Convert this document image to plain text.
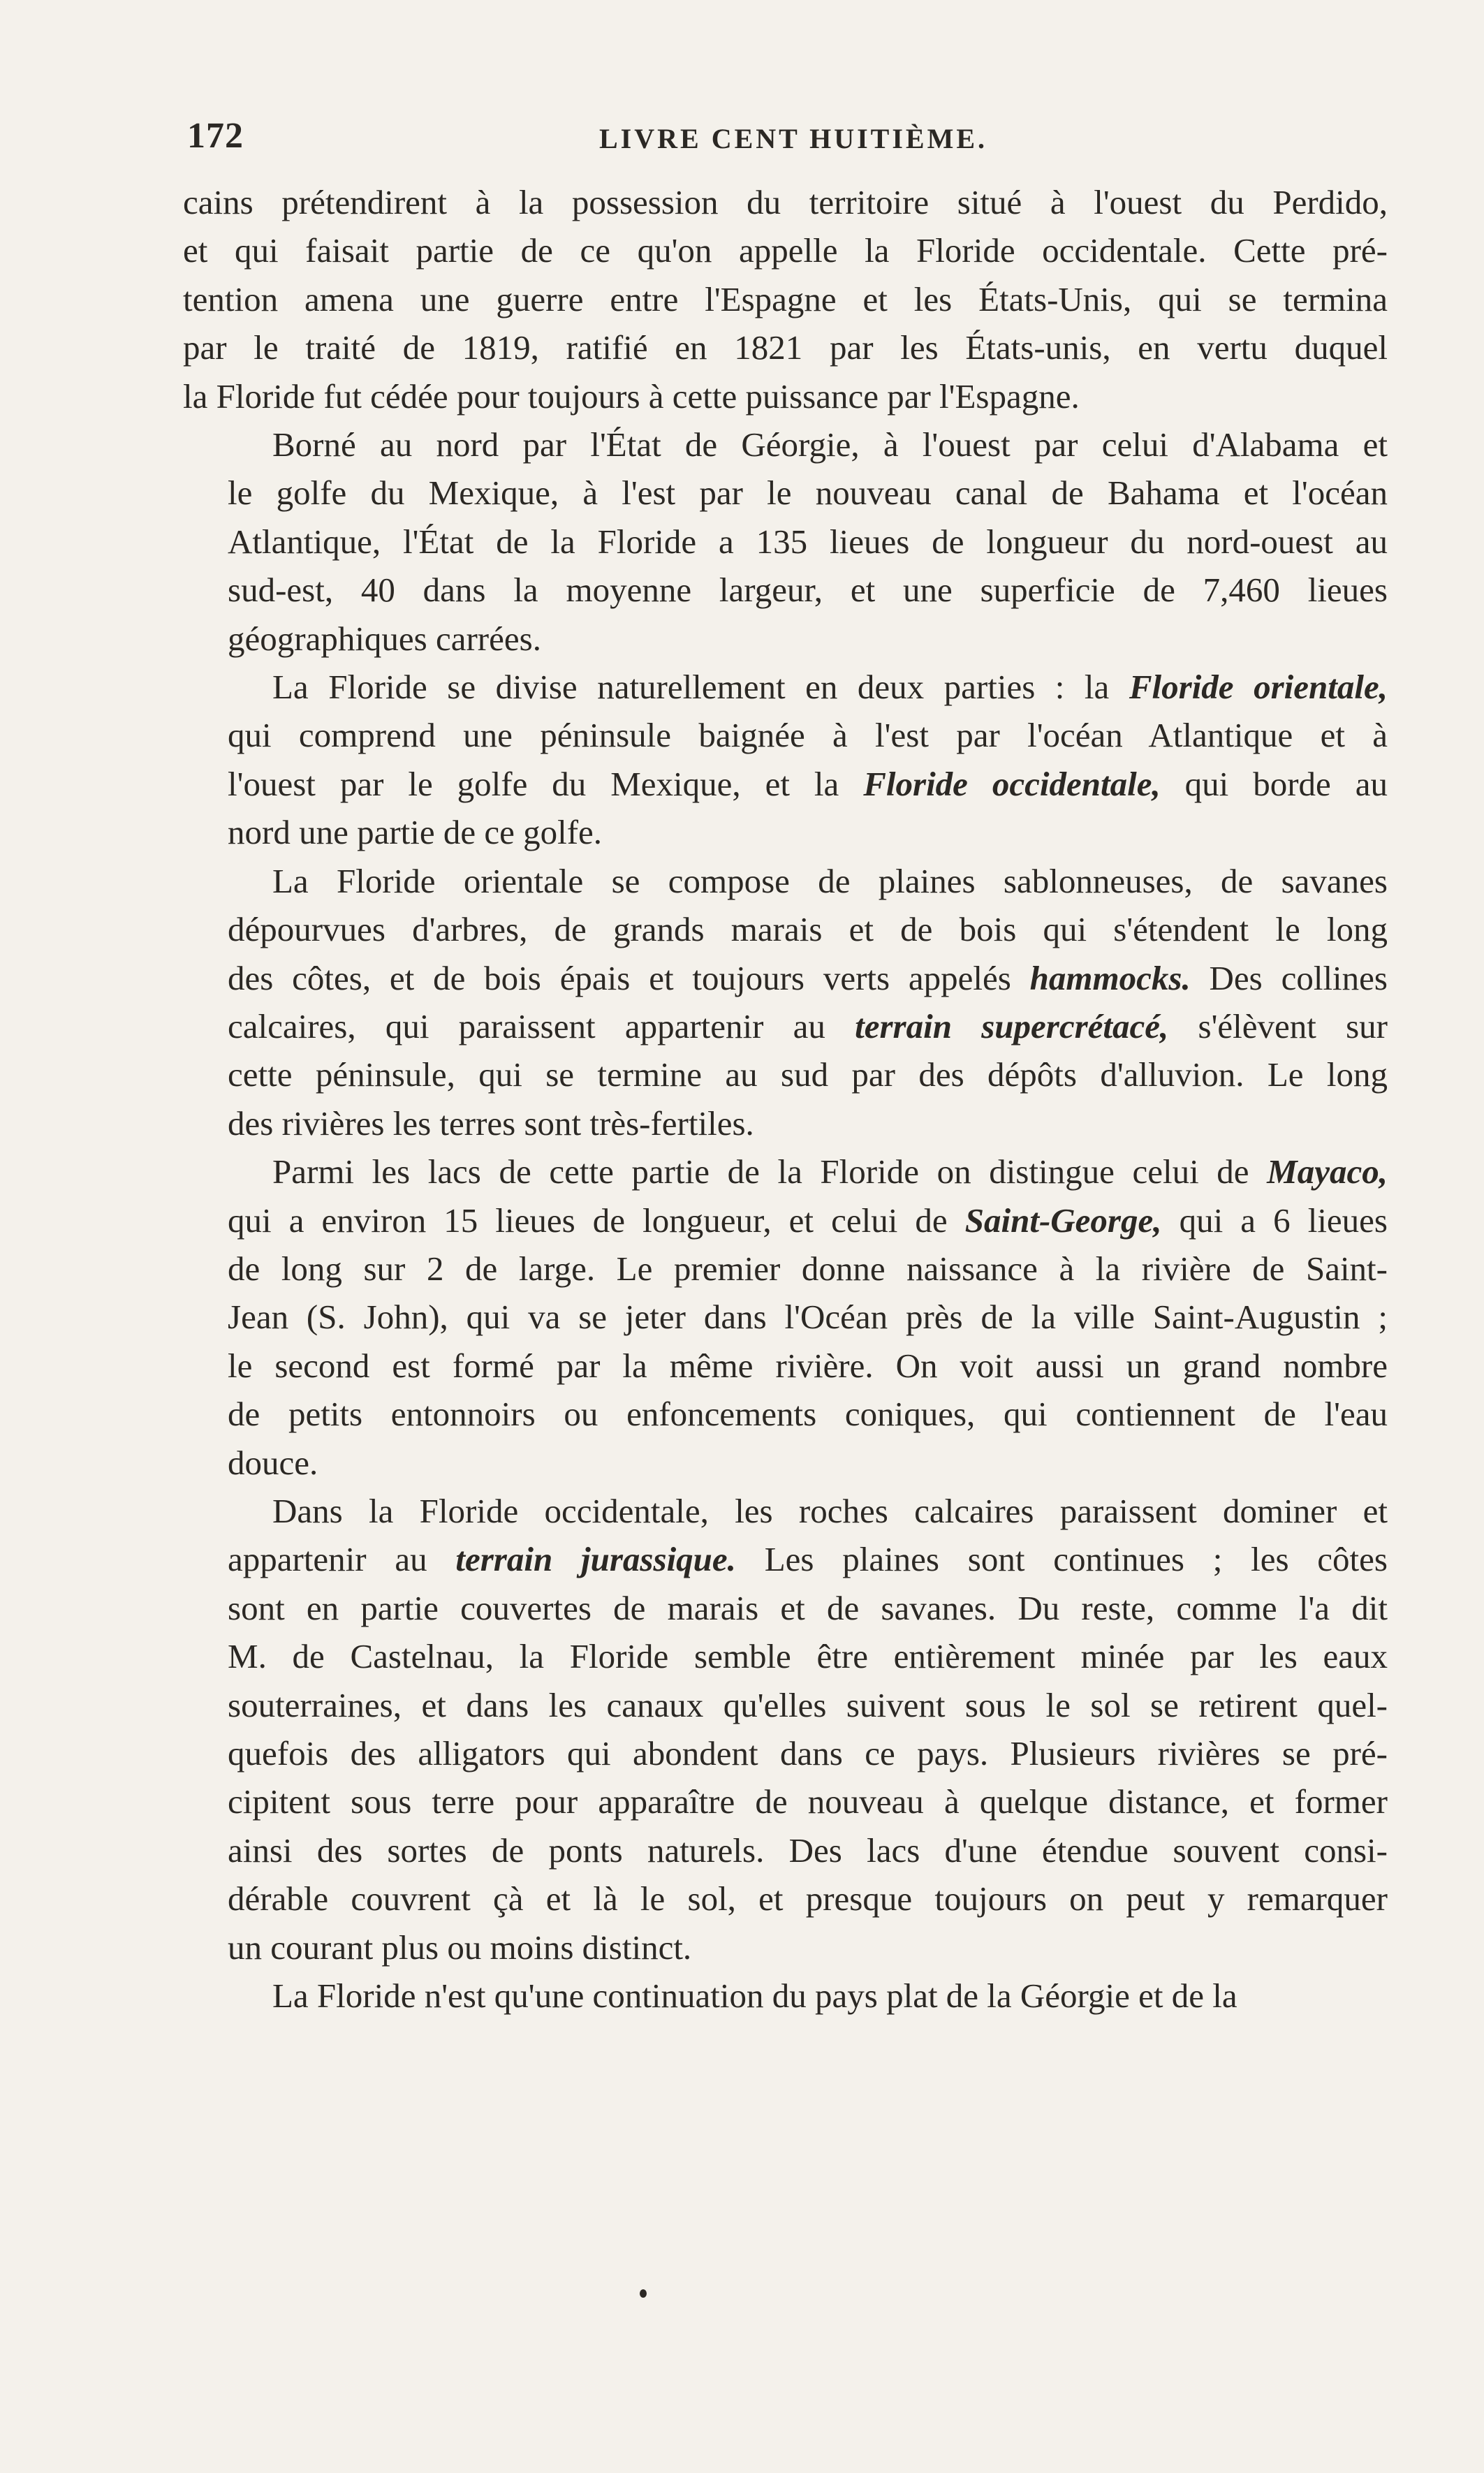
172	LIVRE CENT HUITIÈME.
cains prétendirent à la possession du territoire situé à l'ouest du Perdido,
et qui faisait partie de ce qu'on appelle la Floride occidentale. Cette pré-
tention amena une guerre entre l'Espagne et les États-Unis, qui se termina
par le traité de 1819, ratifié en 1821 par les États-unis, en vertu duquel
la Floride fut cédée pour toujours à cette puissance par l'Espagne.
Borné au nord par l'État de Géorgie, à l'ouest par celui d'Alabama et
le golfe du Mexique, à l'est par le nouveau canal de Bahama et l'océan
Atlantique, l'État de la Floride a 135 lieues de longueur du nord-ouest au
sud-est, 40 dans la moyenne largeur, et une superficie de 7,460 lieues
géographiques carrées.
La Floride se divise naturellement en deux parties : la Floride orientale,
qui comprend une péninsule baignée à l'est par l'océan Atlantique et à
l'ouest par le golfe du Mexique, et la Floride occidentale, qui borde au
nord une partie de ce golfe.
La Floride orientale se compose de plaines sablonneuses, de savanes
dépourvues d'arbres, de grands marais et de bois qui s'étendent le long
des côtes, et de bois épais et toujours verts appelés hammocks. Des collines
calcaires, qui paraissent appartenir au terrain supercrétacé, s'élèvent sur
cette péninsule, qui se termine au sud par des dépôts d'alluvion. Le long
des rivières les terres sont très-fertiles.
Parmi les lacs de cette partie de la Floride on distingue celui de Mayaco,
qui a environ 15 lieues de longueur, et celui de Saint-George, qui a 6 lieues
de long sur 2 de large. Le premier donne naissance à la rivière de Saint-
Jean (S. John), qui va se jeter dans l'Océan près de la ville Saint-Augustin ;
le second est formé par la même rivière. On voit aussi un grand nombre
de petits entonnoirs ou enfoncements coniques, qui contiennent de l'eau
douce.
Dans la Floride occidentale, les roches calcaires paraissent dominer et
appartenir au terrain jurassique. Les plaines sont continues ; les côtes
sont en partie couvertes de marais et de savanes. Du reste, comme l'a dit
M. de Castelnau, la Floride semble être entièrement minée par les eaux
souterraines, et dans les canaux qu'elles suivent sous le sol se retirent quel-
quefois des alligators qui abondent dans ce pays. Plusieurs rivières se pré-
cipitent sous terre pour apparaître de nouveau à quelque distance, et former
ainsi des sortes de ponts naturels. Des lacs d'une étendue souvent consi-
dérable couvrent çà et là le sol, et presque toujours on peut y remarquer
un courant plus ou moins distinct.
La Floride n'est qu'une continuation du pays plat de la Géorgie et de la
